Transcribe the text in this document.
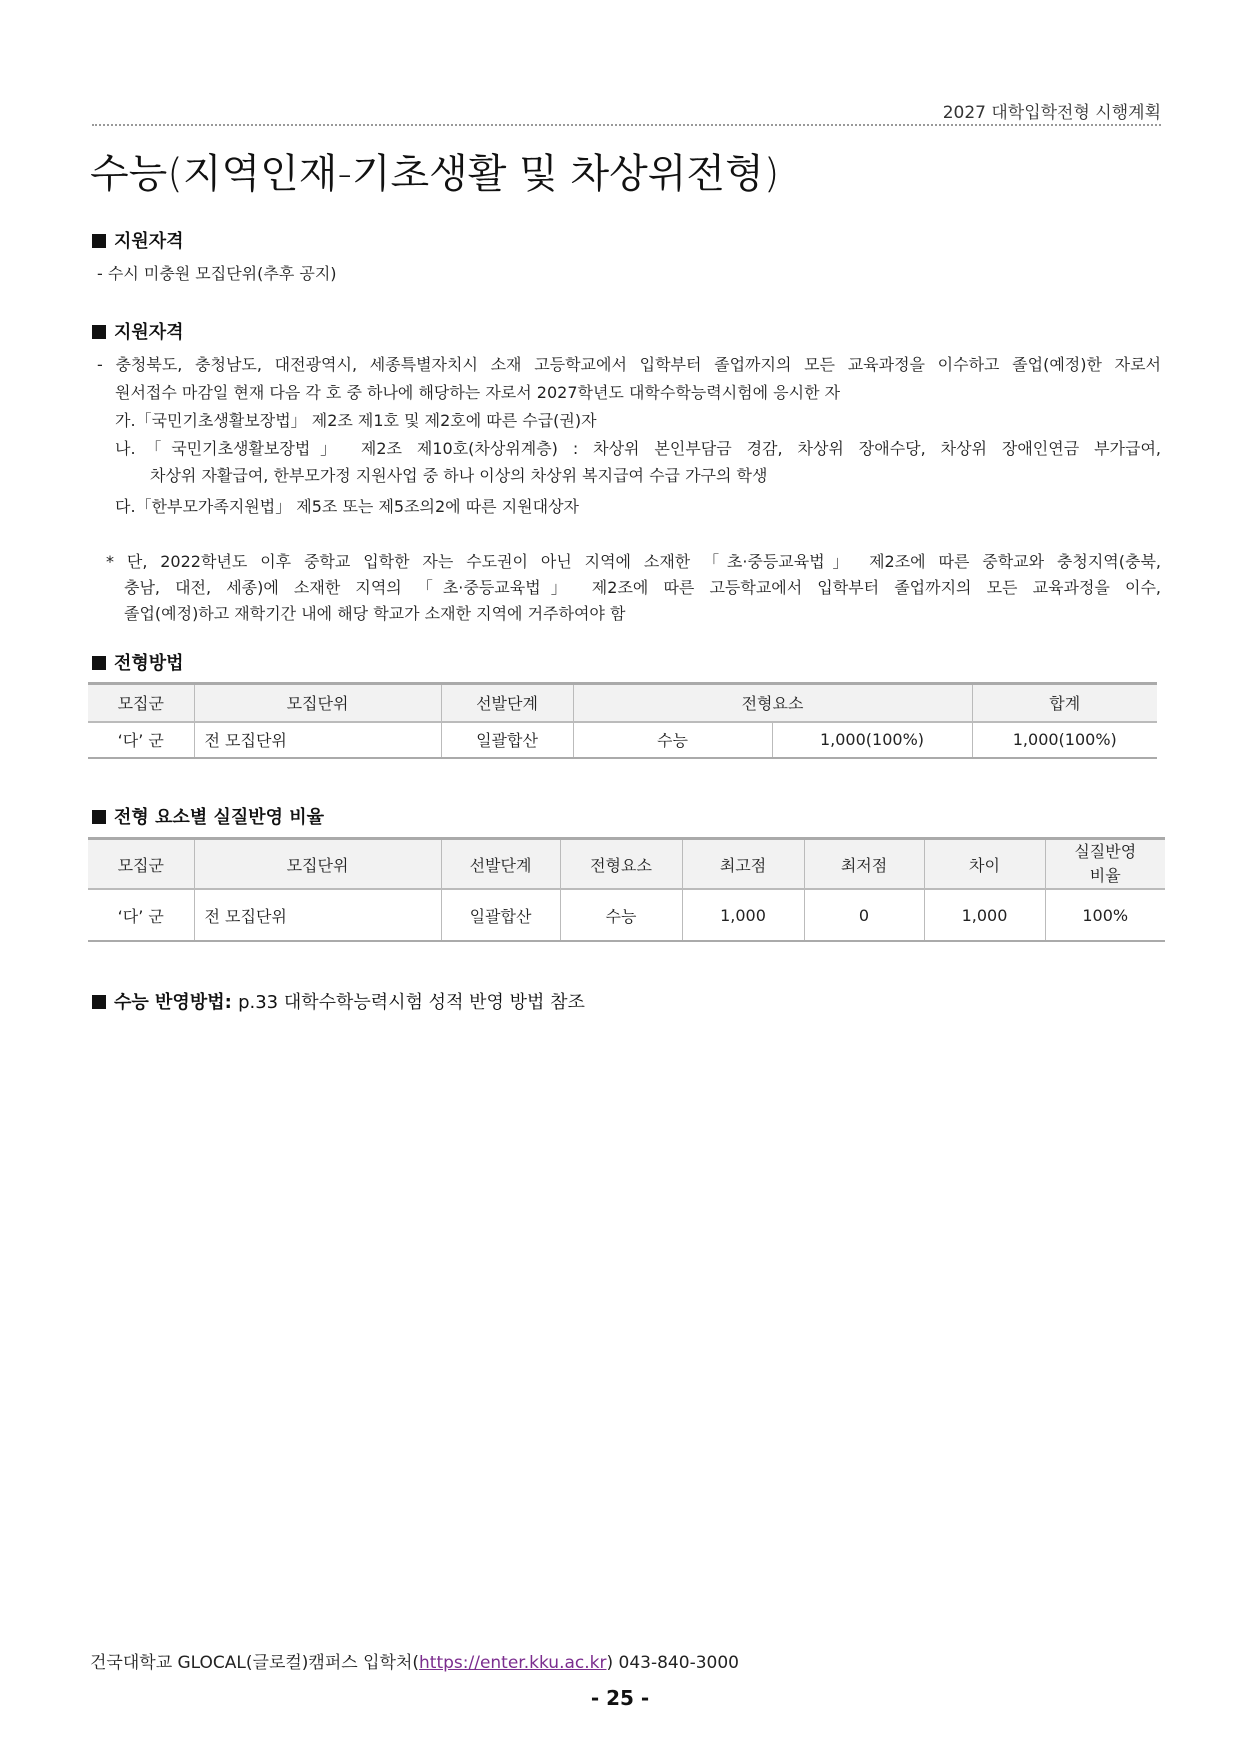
2027 대학입학전형 시행계획
수능(지역인재-기초생활 및 차상위전형)
지원자격
- 수시 미충원 모집단위(추후 공지)
지원자격
- 충청북도, 충청남도, 대전광역시, 세종특별자치시 소재 고등학교에서 입학부터 졸업까지의 모든 교육과정을 이수하고 졸업(예정)한 자로서
원서접수 마감일 현재 다음 각 호 중 하나에 해당하는 자로서 2027학년도 대학수학능력시험에 응시한 자
가.「국민기초생활보장법」 제2조 제1호 및 제2호에 따른 수급(권)자
나.「국민기초생활보장법」 제2조 제10호(차상위계층) : 차상위 본인부담금 경감, 차상위 장애수당, 차상위 장애인연금 부가급여,
차상위 자활급여, 한부모가정 지원사업 중 하나 이상의 차상위 복지급여 수급 가구의 학생
다.「한부모가족지원법」 제5조 또는 제5조의2에 따른 지원대상자
* 단, 2022학년도 이후 중학교 입학한 자는 수도권이 아닌 지역에 소재한 「초·중등교육법」 제2조에 따른 중학교와 충청지역(충북,
충남, 대전, 세종)에 소재한 지역의 「초·중등교육법」 제2조에 따른 고등학교에서 입학부터 졸업까지의 모든 교육과정을 이수,
졸업(예정)하고 재학기간 내에 해당 학교가 소재한 지역에 거주하여야 함
전형방법
모집군	모집단위	선발단계	전형요소		합계
‘다’ 군	전 모집단위	일괄합산	수능	1,000(100%)	1,000(100%)
전형 요소별 실질반영 비율
모집군	모집단위	선발단계	전형요소	최고점	최저점	차이	실질반영
비율
‘다’ 군	전 모집단위	일괄합산	수능	1,000	0	1,000	100%
수능 반영방법: p.33 대학수학능력시험 성적 반영 방법 참조
건국대학교 GLOCAL(글로컬)캠퍼스 입학처(https://enter.kku.ac.kr) 043-840-3000
- 25 -
